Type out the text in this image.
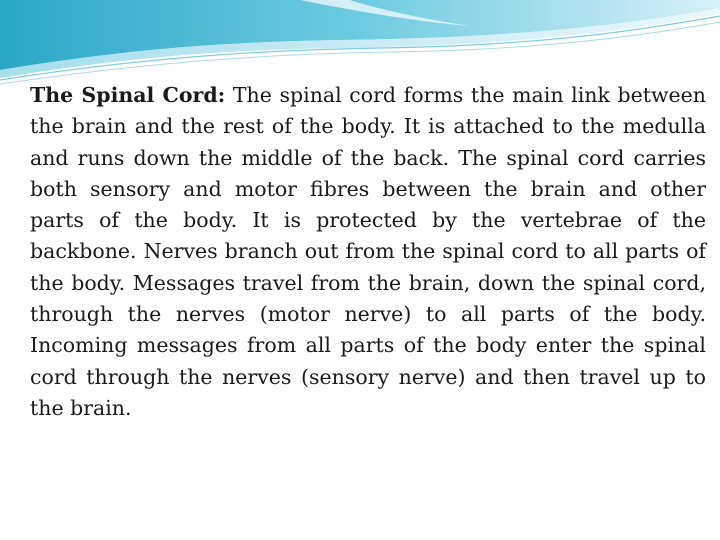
The Spinal Cord: The spinal cord forms the main link between the brain and the rest of the body. It is attached to the medulla and runs down the middle of the back. The spinal cord carries both sensory and motor fibres between the brain and other parts of the body. It is protected by the vertebrae of the backbone. Nerves branch out from the spinal cord to all parts of the body. Messages travel from the brain, down the spinal cord, through the nerves (motor nerve) to all parts of the body. Incoming messages from all parts of the body enter the spinal cord through the nerves (sensory nerve) and then travel up to the brain.
